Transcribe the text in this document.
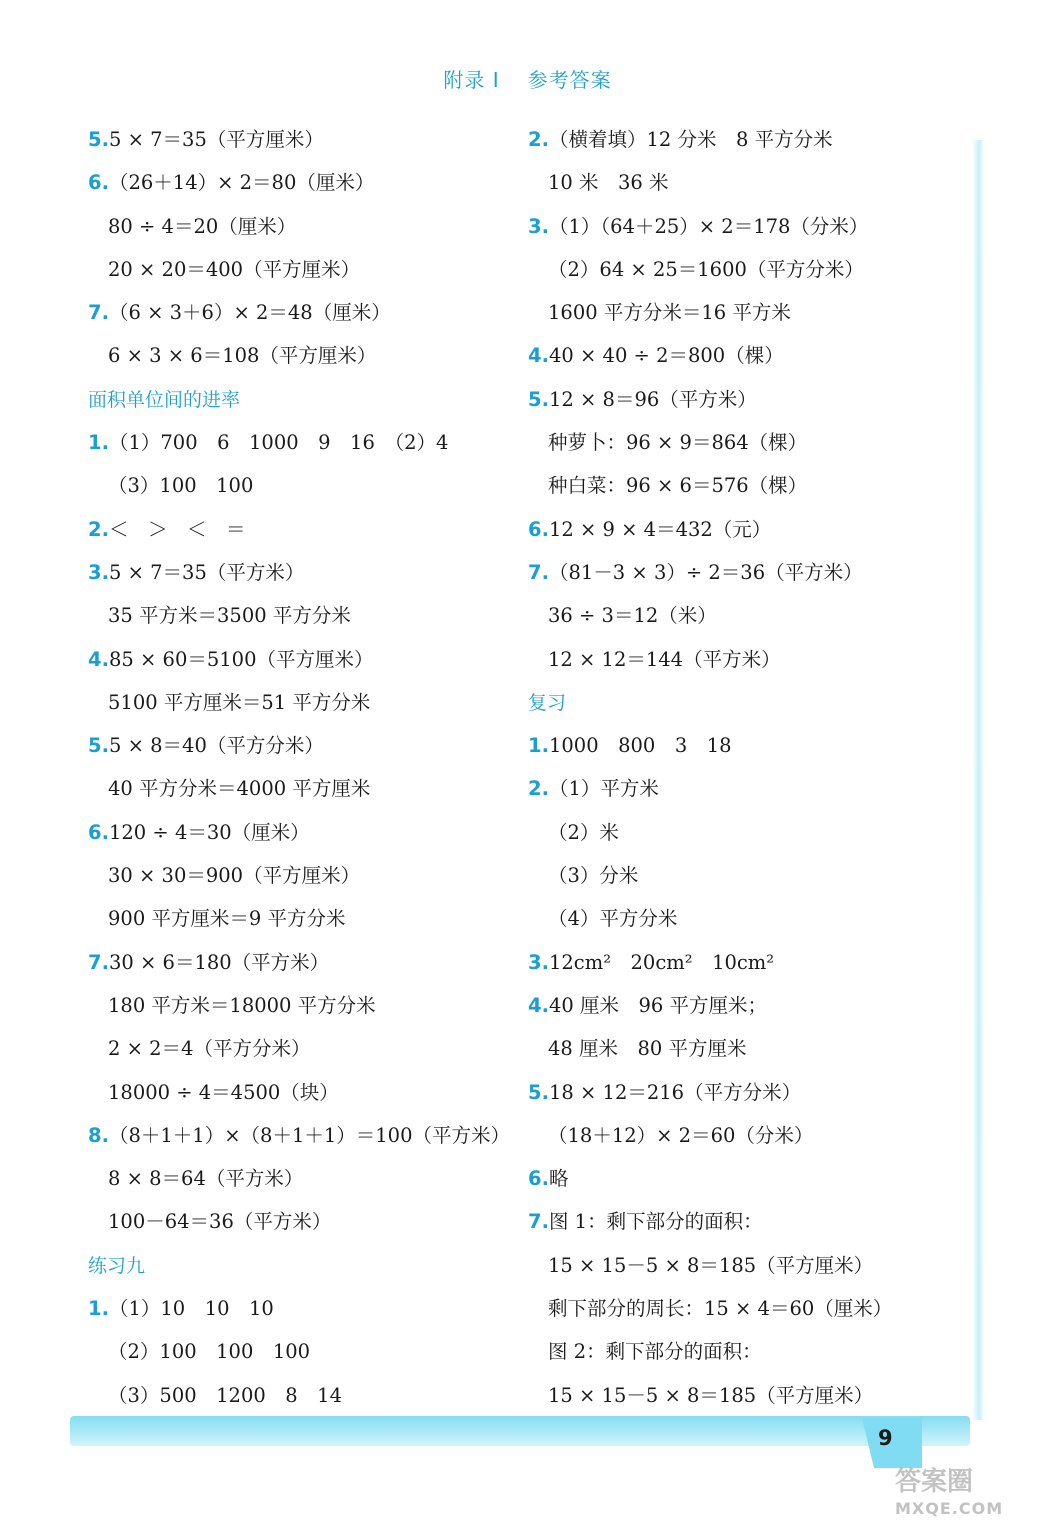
附录 I 参考答案
5.5 × 7＝35（平方厘米）
6.（26＋14）× 2＝80（厘米）
80 ÷ 4＝20（厘米）
20 × 20＝400（平方厘米）
7.（6 × 3＋6）× 2＝48（厘米）
6 × 3 × 6＝108（平方厘米）
面积单位间的进率
1.（1）700　6　1000　9　16　（2）4
（3）100　100
2.＜　＞　＜　＝
3.5 × 7＝35（平方米）
35 平方米＝3500 平方分米
4.85 × 60＝5100（平方厘米）
5100 平方厘米＝51 平方分米
5.5 × 8＝40（平方分米）
40 平方分米＝4000 平方厘米
6.120 ÷ 4＝30（厘米）
30 × 30＝900（平方厘米）
900 平方厘米＝9 平方分米
7.30 × 6＝180（平方米）
180 平方米＝18000 平方分米
2 × 2＝4（平方分米）
18000 ÷ 4＝4500（块）
8.（8＋1＋1）×（8＋1＋1）＝100（平方米）
8 × 8＝64（平方米）
100－64＝36（平方米）
练习九
1.（1）10　10　10
（2）100　100　100
（3）500　1200　8　14
2.（横着填）12 分米　8 平方分米
10 米　36 米
3.（1）（64＋25）× 2＝178（分米）
（2）64 × 25＝1600（平方分米）
1600 平方分米＝16 平方米
4.40 × 40 ÷ 2＝800（棵）
5.12 × 8＝96（平方米）
种萝卜：96 × 9＝864（棵）
种白菜：96 × 6＝576（棵）
6.12 × 9 × 4＝432（元）
7.（81－3 × 3）÷ 2＝36（平方米）
36 ÷ 3＝12（米）
12 × 12＝144（平方米）
复习
1.1000　800　3　18
2.（1）平方米
（2）米
（3）分米
（4）平方分米
3.12cm²　20cm²　10cm²
4.40 厘米　96 平方厘米；
48 厘米　80 平方厘米
5.18 × 12＝216（平方分米）
（18＋12）× 2＝60（分米）
6.略
7.图 1：剩下部分的面积：
15 × 15－5 × 8＝185（平方厘米）
剩下部分的周长：15 × 4＝60（厘米）
图 2：剩下部分的面积：
15 × 15－5 × 8＝185（平方厘米）
9
答案圈
MXQE.COM
